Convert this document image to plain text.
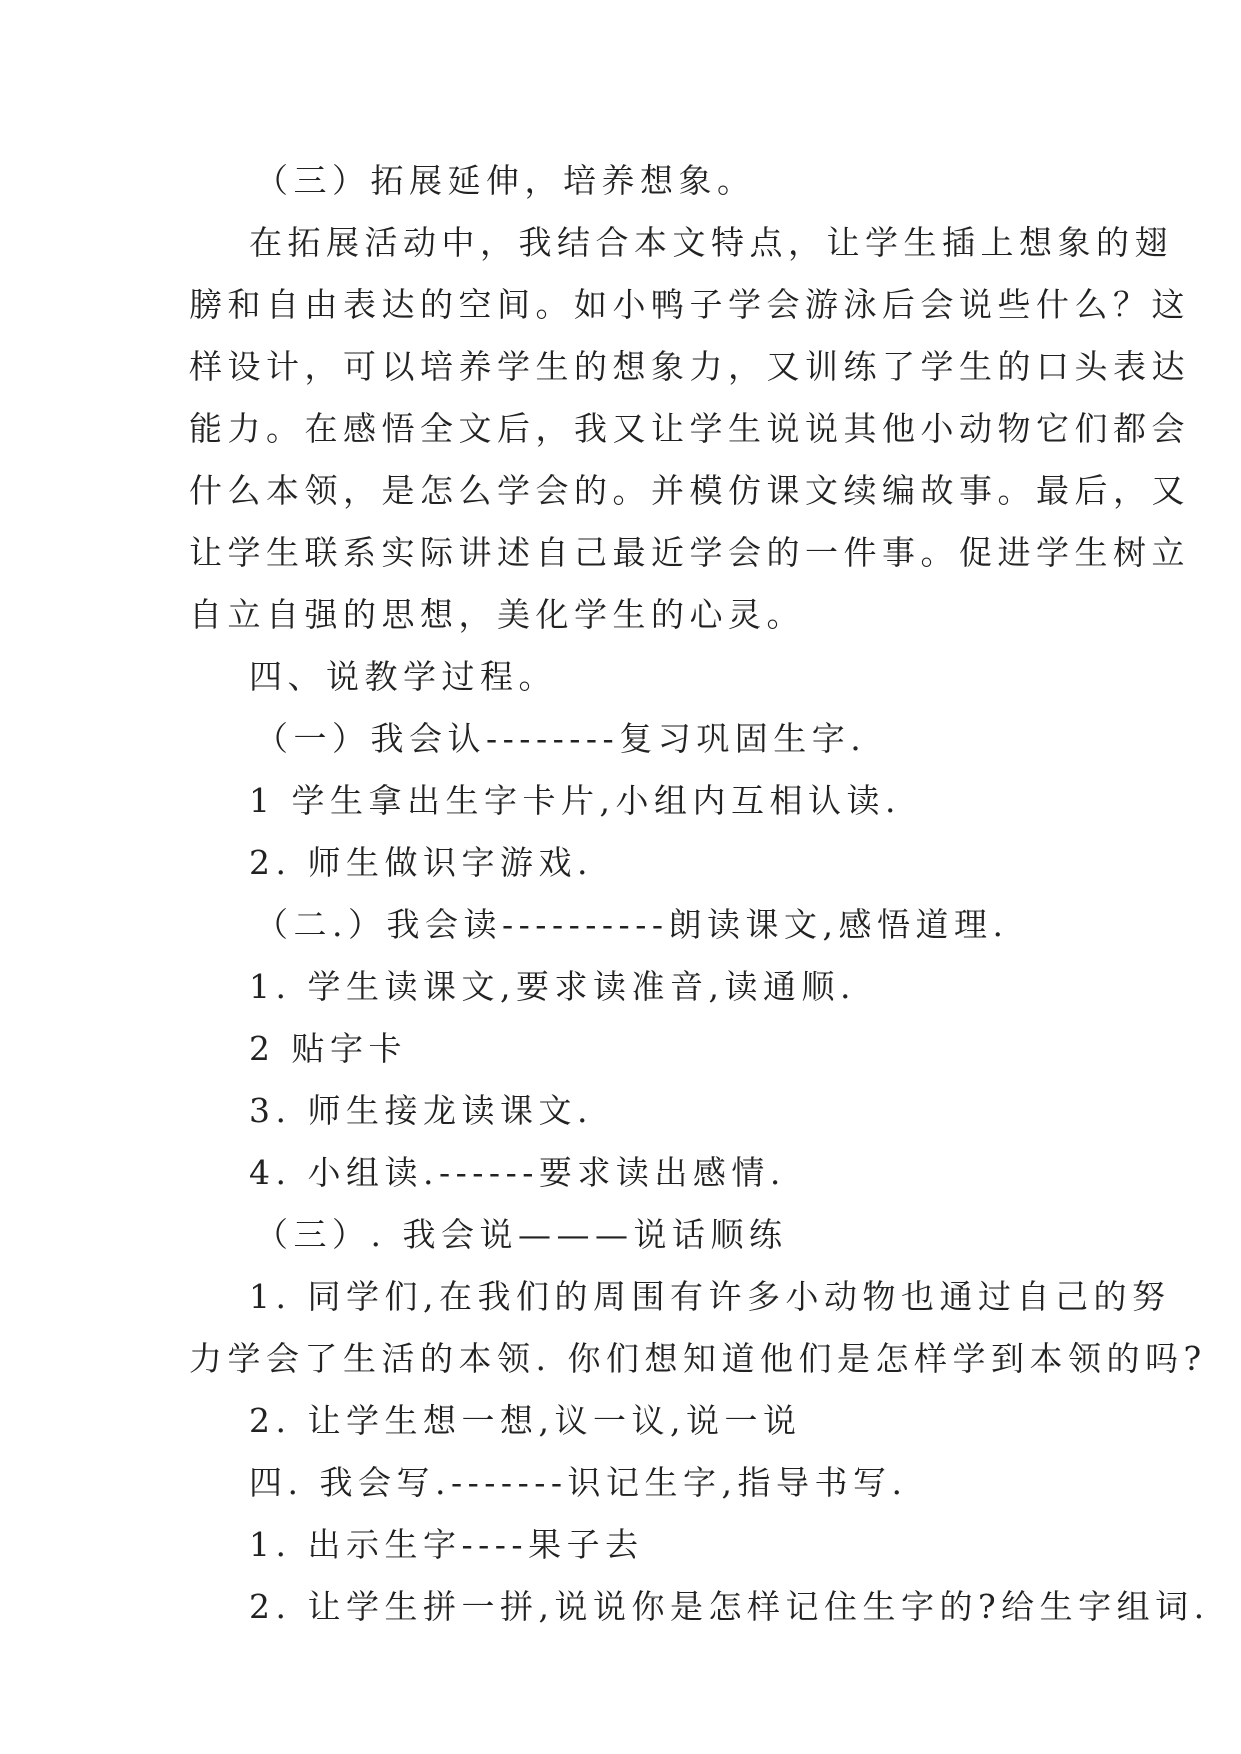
（三）拓展延伸，培养想象。
在拓展活动中，我结合本文特点，让学生插上想象的翅
膀和自由表达的空间。如小鸭子学会游泳后会说些什么？这
样设计，可以培养学生的想象力，又训练了学生的口头表达
能力。在感悟全文后，我又让学生说说其他小动物它们都会
什么本领，是怎么学会的。并模仿课文续编故事。最后，又
让学生联系实际讲述自己最近学会的一件事。促进学生树立
自立自强的思想，美化学生的心灵。
四、说教学过程。
（一）我会认--------复习巩固生字.
1 学生拿出生字卡片,小组内互相认读.
2. 师生做识字游戏.
（二.）我会读----------朗读课文,感悟道理.
1. 学生读课文,要求读准音,读通顺.
2 贴字卡
3. 师生接龙读课文.
4. 小组读.------要求读出感情.
（三）. 我会说———说话顺练
1. 同学们,在我们的周围有许多小动物也通过自己的努
力学会了生活的本领. 你们想知道他们是怎样学到本领的吗?
2. 让学生想一想,议一议,说一说
四. 我会写.-------识记生字,指导书写.
1. 出示生字----果子去
2. 让学生拼一拼,说说你是怎样记住生字的?给生字组词.
